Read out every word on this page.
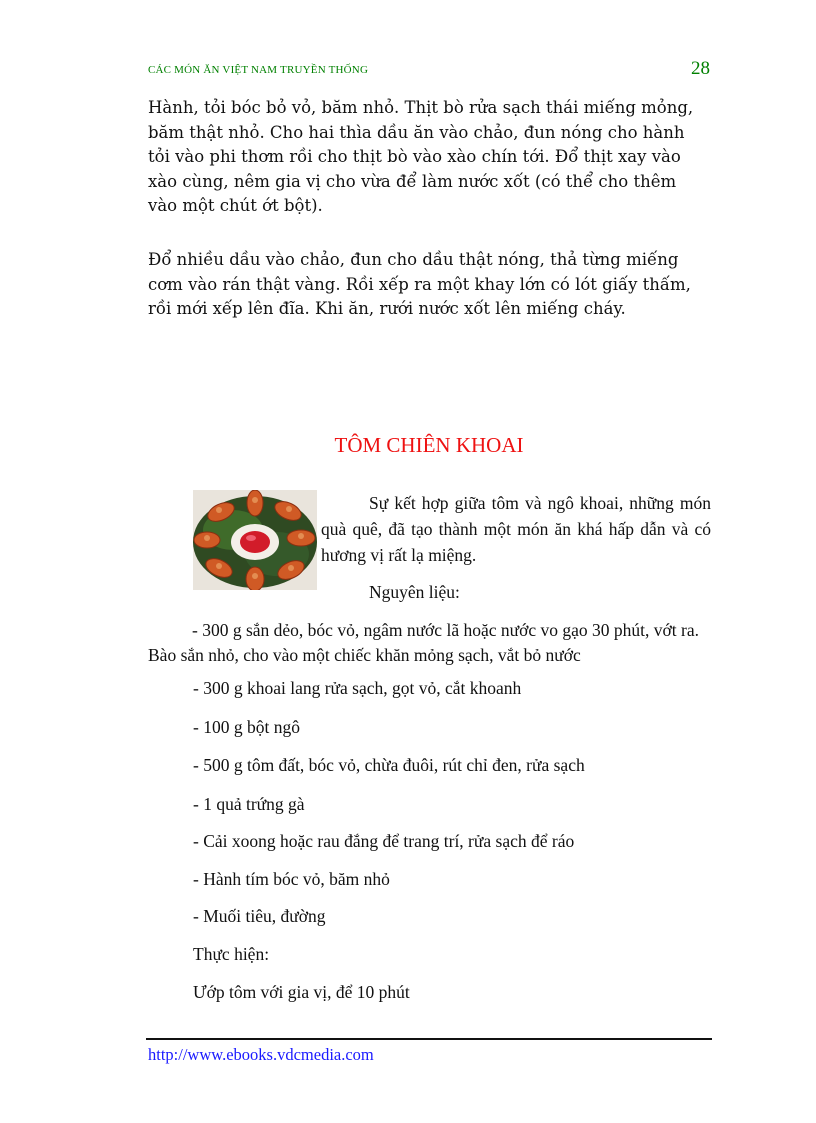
CÁC MÓN ĂN VIỆT NAM TRUYỀN THỐNG	28

Hành, tỏi bóc bỏ vỏ, băm nhỏ. Thịt bò rửa sạch thái miếng mỏng, băm thật nhỏ. Cho hai thìa dầu ăn vào chảo, đun nóng cho hành tỏi vào phi thơm rồi cho thịt bò vào xào chín tới. Đổ thịt xay vào xào cùng, nêm gia vị cho vừa để làm nước xốt (có thể cho thêm vào một chút ớt bột).

Đổ nhiều dầu vào chảo, đun cho dầu thật nóng, thả từng miếng cơm vào rán thật vàng. Rồi xếp ra một khay lớn có lót giấy thấm, rồi mới xếp lên đĩa. Khi ăn, rưới nước xốt lên miếng cháy.

TÔM CHIÊN KHOAI

Sự kết hợp giữa tôm và ngô khoai, những món quà quê, đã tạo thành một món ăn khá hấp dẫn và có hương vị rất lạ miệng.

Nguyên liệu:

- 300 g sắn dẻo, bóc vỏ, ngâm nước lã hoặc nước vo gạo 30 phút, vớt ra. Bào sắn nhỏ, cho vào một chiếc khăn mỏng sạch, vắt bỏ nước

- 300 g khoai lang rửa sạch, gọt vỏ, cắt khoanh

- 100 g bột ngô

- 500 g tôm đất, bóc vỏ, chừa đuôi, rút chỉ đen, rửa sạch

- 1 quả trứng gà

- Cải xoong hoặc rau đắng để trang trí, rửa sạch để ráo

- Hành tím bóc vỏ, băm nhỏ

- Muối tiêu, đường

Thực hiện:

Ướp tôm với gia vị, để 10 phút

http://www.ebooks.vdcmedia.com
